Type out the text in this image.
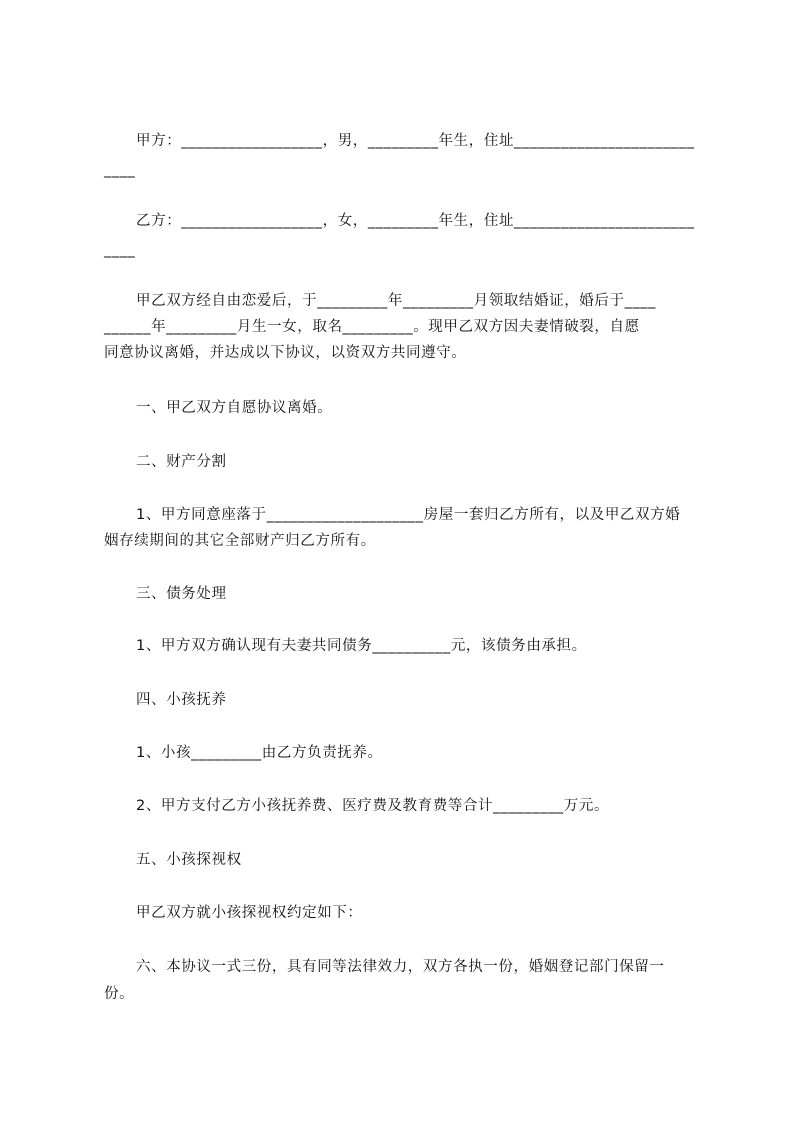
甲方：__________________，男，_________年生，住址_______________________
____
乙方：__________________，女，_________年生，住址_______________________
____
甲乙双方经自由恋爱后，于_________年_________月领取结婚证，婚后于____
______年_________月生一女，取名_________。现甲乙双方因夫妻情破裂，自愿
同意协议离婚，并达成以下协议，以资双方共同遵守。
一、甲乙双方自愿协议离婚。
二、财产分割
1、甲方同意座落于____________________房屋一套归乙方所有，以及甲乙双方婚
姻存续期间的其它全部财产归乙方所有。
三、债务处理
1、甲方双方确认现有夫妻共同债务__________元，该债务由承担。
四、小孩抚养
1、小孩_________由乙方负责抚养。
2、甲方支付乙方小孩抚养费、医疗费及教育费等合计_________万元。
五、小孩探视权
甲乙双方就小孩探视权约定如下：
六、本协议一式三份，具有同等法律效力，双方各执一份，婚姻登记部门保留一
份。
